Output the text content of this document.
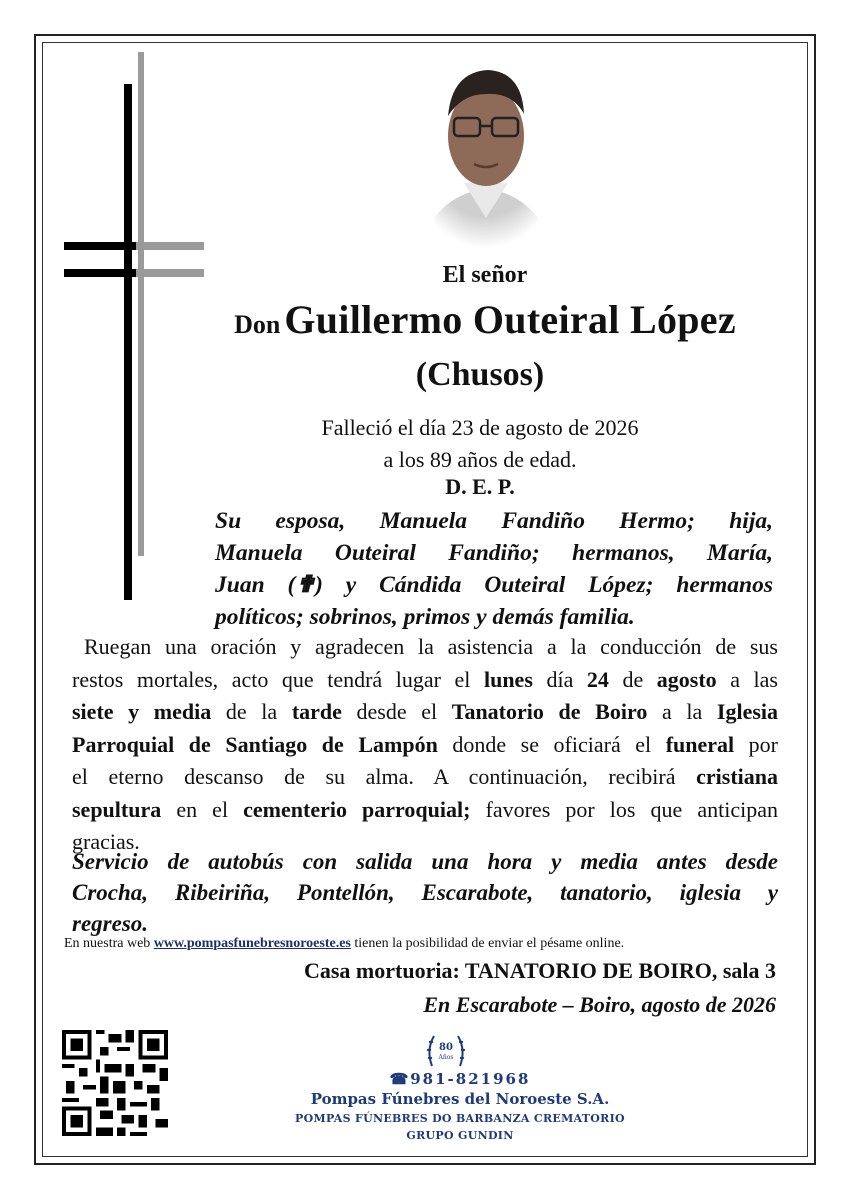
El señor
Don Guillermo Outeiral López
(Chusos)
Falleció el día 23 de agosto de 2026
a los 89 años de edad.
D. E. P.
Su esposa, Manuela Fandiño Hermo; hija,
Manuela Outeiral Fandiño; hermanos, María,
Juan (✟) y Cándida Outeiral López; hermanos
políticos; sobrinos, primos y demás familia.
Ruegan una oración y agradecen la asistencia a la conducción de sus
restos mortales, acto que tendrá lugar el lunes día 24 de agosto a las
siete y media de la tarde desde el Tanatorio de Boiro a la Iglesia
Parroquial de Santiago de Lampón donde se oficiará el funeral por
el eterno descanso de su alma. A continuación, recibirá cristiana
sepultura en el cementerio parroquial; favores por los que anticipan
gracias.
Servicio de autobús con salida una hora y media antes desde
Crocha, Ribeiriña, Pontellón, Escarabote, tanatorio, iglesia y
regreso.
En nuestra web www.pompasfunebresnoroeste.es tienen la posibilidad de enviar el pésame online.
Casa mortuoria: TANATORIO DE BOIRO, sala 3
En Escarabote – Boiro, agosto de 2026
80
Años
☎981-821968
Pompas Fúnebres del Noroeste S.A.
POMPAS FÚNEBRES DO BARBANZA CREMATORIO
GRUPO GUNDIN
